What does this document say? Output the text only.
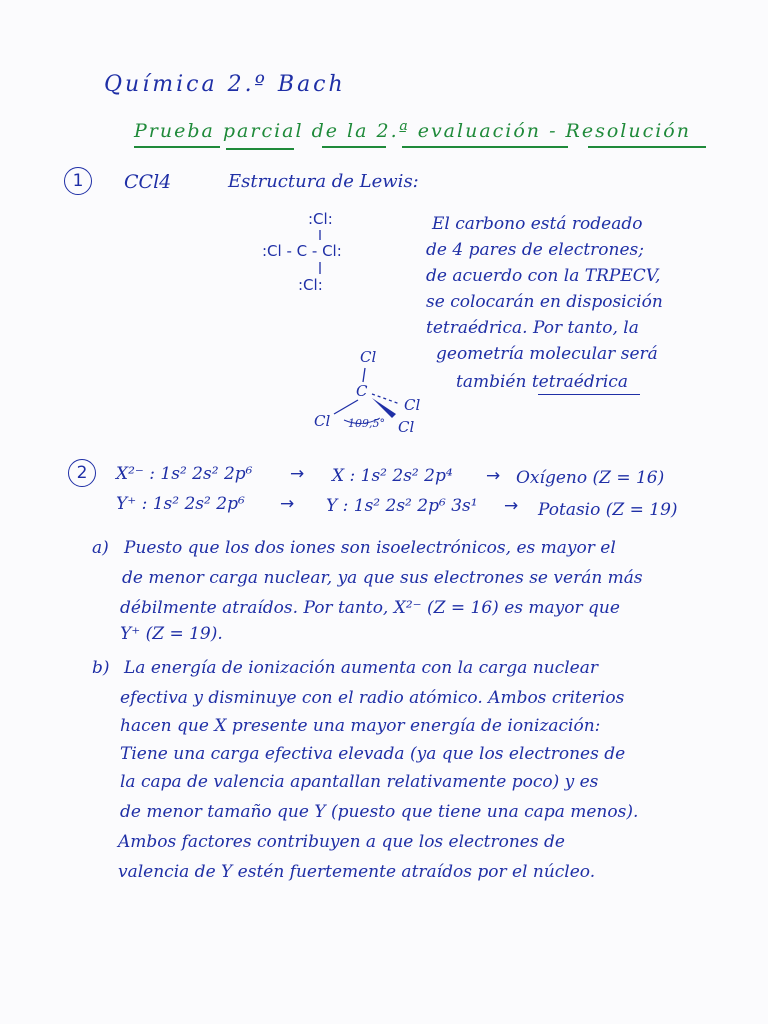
Química 2.º Bach
Prueba parcial de la 2.ª evaluación - Resolución
1	CCl4	Estructura de Lewis:
:Cl:
:Cl - C - Cl:
:Cl:
El carbono está rodeado
de 4 pares de electrones;
de acuerdo con la TRPECV,
se colocarán en disposición
tetraédrica. Por tanto, la
geometría molecular será
también tetraédrica
Cl
C
Cl
Cl	Cl
109,5°
2	X²⁻ : 1s² 2s² 2p⁶ → X : 1s² 2s² 2p⁴ → Oxígeno (Z = 16)
Y⁺ : 1s² 2s² 2p⁶ → Y : 1s² 2s² 2p⁶ 3s¹ → Potasio (Z = 19)
a) Puesto que los dos iones son isoelectrónicos, es mayor el
de menor carga nuclear, ya que sus electrones se verán más
débilmente atraídos. Por tanto, X²⁻ (Z = 16) es mayor que
Y⁺ (Z = 19).
b) La energía de ionización aumenta con la carga nuclear
efectiva y disminuye con el radio atómico. Ambos criterios
hacen que X presente una mayor energía de ionización:
Tiene una carga efectiva elevada (ya que los electrones de
la capa de valencia apantallan relativamente poco) y es
de menor tamaño que Y (puesto que tiene una capa menos).
Ambos factores contribuyen a que los electrones de
valencia de Y estén fuertemente atraídos por el núcleo.
